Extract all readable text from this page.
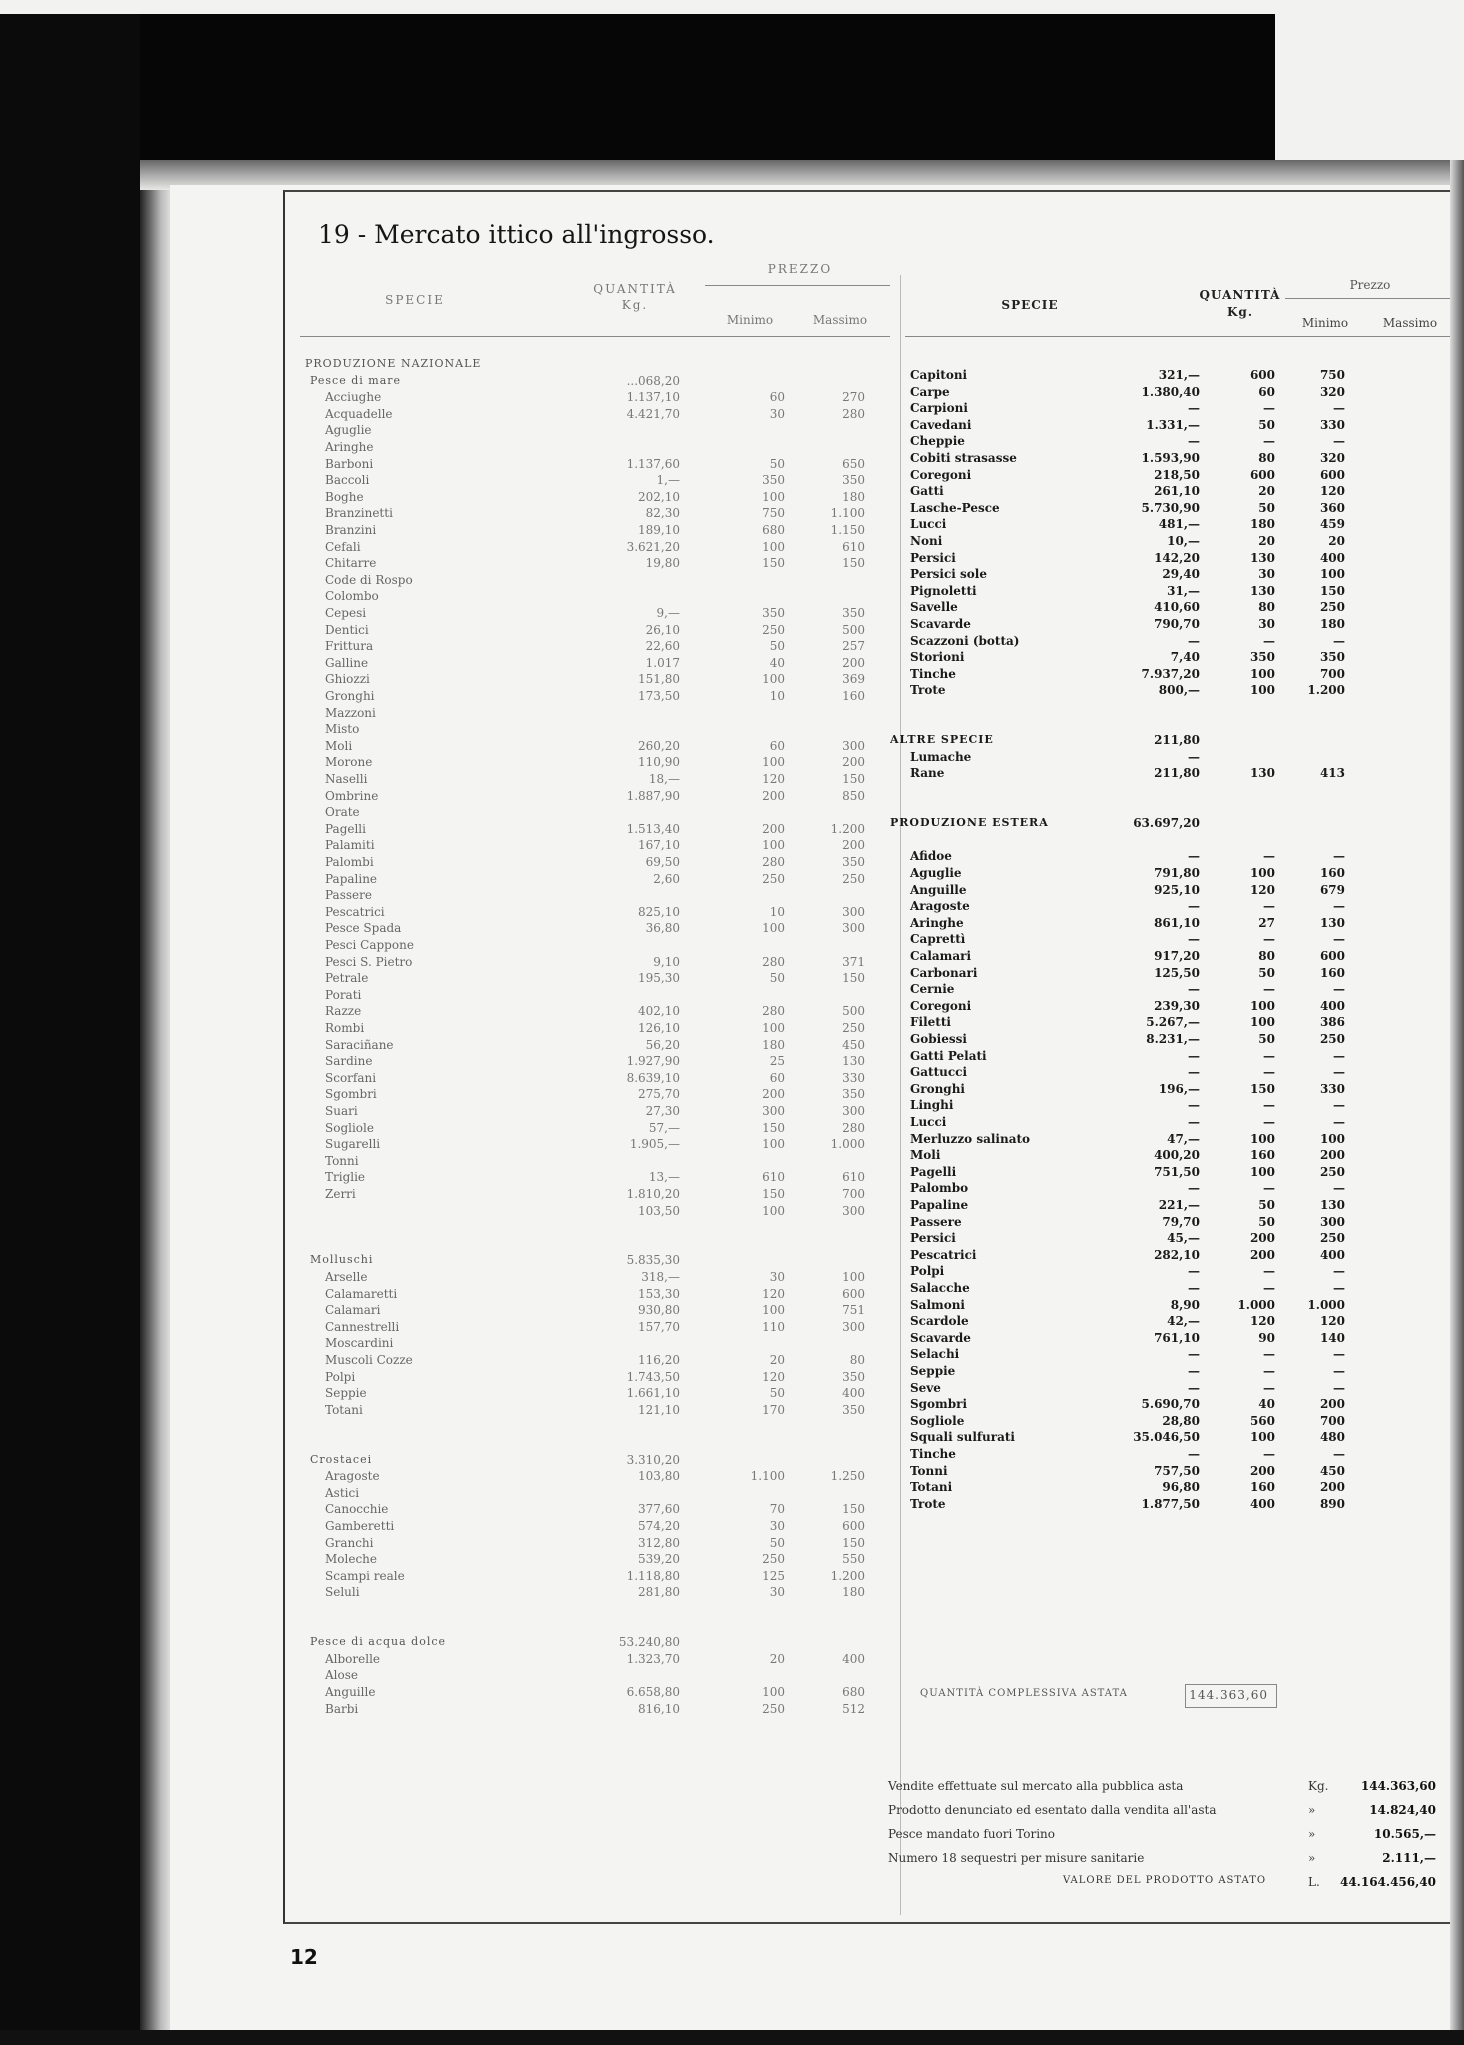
19 - Mercato ittico all'ingrosso.
SPECIE
QUANTITÀ
Kg.
PREZZO
Minimo	Massimo
SPECIE
QUANTITÀ
Kg.
Prezzo
Minimo	Massimo
PRODUZIONE NAZIONALE
Pesce di mare	...068,20
Acciughe	1.137,10	60	270
Acquadelle	4.421,70	30	280
Aguglie
Aringhe
Barboni	1.137,60	50	650
Baccoli	1,—	350	350
Boghe	202,10	100	180
Branzinetti	82,30	750	1.100
Branzini	189,10	680	1.150
Cefali	3.621,20	100	610
Chitarre	19,80	150	150
Code di Rospo
Colombo
Cepesi	9,—	350	350
Dentici	26,10	250	500
Frittura	22,60	50	257
Galline	1.017	40	200
Ghiozzi	151,80	100	369
Gronghi	173,50	10	160
Mazzoni
Misto
Moli	260,20	60	300
Morone	110,90	100	200
Naselli	18,—	120	150
Ombrine	1.887,90	200	850
Orate
Pagelli	1.513,40	200	1.200
Palamiti	167,10	100	200
Palombi	69,50	280	350
Papaline	2,60	250	250
Passere
Pescatrici	825,10	10	300
Pesce Spada	36,80	100	300
Pesci Cappone
Pesci S. Pietro	9,10	280	371
Petrale	195,30	50	150
Porati
Razze	402,10	280	500
Rombi	126,10	100	250
Saraciñane	56,20	180	450
Sardine	1.927,90	25	130
Scorfani	8.639,10	60	330
Sgombri	275,70	200	350
Suari	27,30	300	300
Sogliole	57,—	150	280
Sugarelli	1.905,—	100	1.000
Tonni
Triglie	13,—	610	610
Zerri	1.810,20	150	700
103,50	100	300
Molluschi	5.835,30
Arselle	318,—	30	100
Calamaretti	153,30	120	600
Calamari	930,80	100	751
Cannestrelli	157,70	110	300
Moscardini
Muscoli Cozze	116,20	20	80
Polpi	1.743,50	120	350
Seppie	1.661,10	50	400
Totani	121,10	170	350
Crostacei	3.310,20
Aragoste	103,80	1.100	1.250
Astici
Canocchie	377,60	70	150
Gamberetti	574,20	30	600
Granchi	312,80	50	150
Moleche	539,20	250	550
Scampi reale	1.118,80	125	1.200
Seluli	281,80	30	180
Pesce di acqua dolce	53.240,80
Alborelle	1.323,70	20	400
Alose
Anguille	6.658,80	100	680
Barbi	816,10	250	512
Capitoni	321,—	600	750
Carpe	1.380,40	60	320
Carpioni	—	—	—
Cavedani	1.331,—	50	330
Cheppie	—	—	—
Cobiti strasasse	1.593,90	80	320
Coregoni	218,50	600	600
Gatti	261,10	20	120
Lasche-Pesce	5.730,90	50	360
Lucci	481,—	180	459
Noni	10,—	20	20
Persici	142,20	130	400
Persici sole	29,40	30	100
Pignoletti	31,—	130	150
Savelle	410,60	80	250
Scavarde	790,70	30	180
Scazzoni (botta)	—	—	—
Storioni	7,40	350	350
Tinche	7.937,20	100	700
Trote	800,—	100	1.200
ALTRE SPECIE	211,80
Lumache	—
Rane	211,80	130	413
PRODUZIONE ESTERA	63.697,20
Afidoe	—	—	—
Aguglie	791,80	100	160
Anguille	925,10	120	679
Aragoste	—	—	—
Aringhe	861,10	27	130
Caprettì	—	—	—
Calamari	917,20	80	600
Carbonari	125,50	50	160
Cernie	—	—	—
Coregoni	239,30	100	400
Filetti	5.267,—	100	386
Gobiessi	8.231,—	50	250
Gatti Pelati	—	—	—
Gattucci	—	—	—
Gronghi	196,—	150	330
Linghi	—	—	—
Lucci	—	—	—
Merluzzo salinato	47,—	100	100
Moli	400,20	160	200
Pagelli	751,50	100	250
Palombo	—	—	—
Papaline	221,—	50	130
Passere	79,70	50	300
Persici	45,—	200	250
Pescatrici	282,10	200	400
Polpi	—	—	—
Salacche	—	—	—
Salmoni	8,90	1.000	1.000
Scardole	42,—	120	120
Scavarde	761,10	90	140
Selachi	—	—	—
Seppie	—	—	—
Seve	—	—	—
Sgombri	5.690,70	40	200
Sogliole	28,80	560	700
Squali sulfurati	35.046,50	100	480
Tinche	—	—	—
Tonni	757,50	200	450
Totani	96,80	160	200
Trote	1.877,50	400	890
QUANTITÀ COMPLESSIVA ASTATA	144.363,60
Vendite effettuate sul mercato alla pubblica asta	Kg.	144.363,60
Prodotto denunciato ed esentato dalla vendita all'asta	»	14.824,40
Pesce mandato fuori Torino	»	10.565,—
Numero 18 sequestri per misure sanitarie	»	2.111,—
VALORE DEL PRODOTTO ASTATO	L.	44.164.456,40
12
